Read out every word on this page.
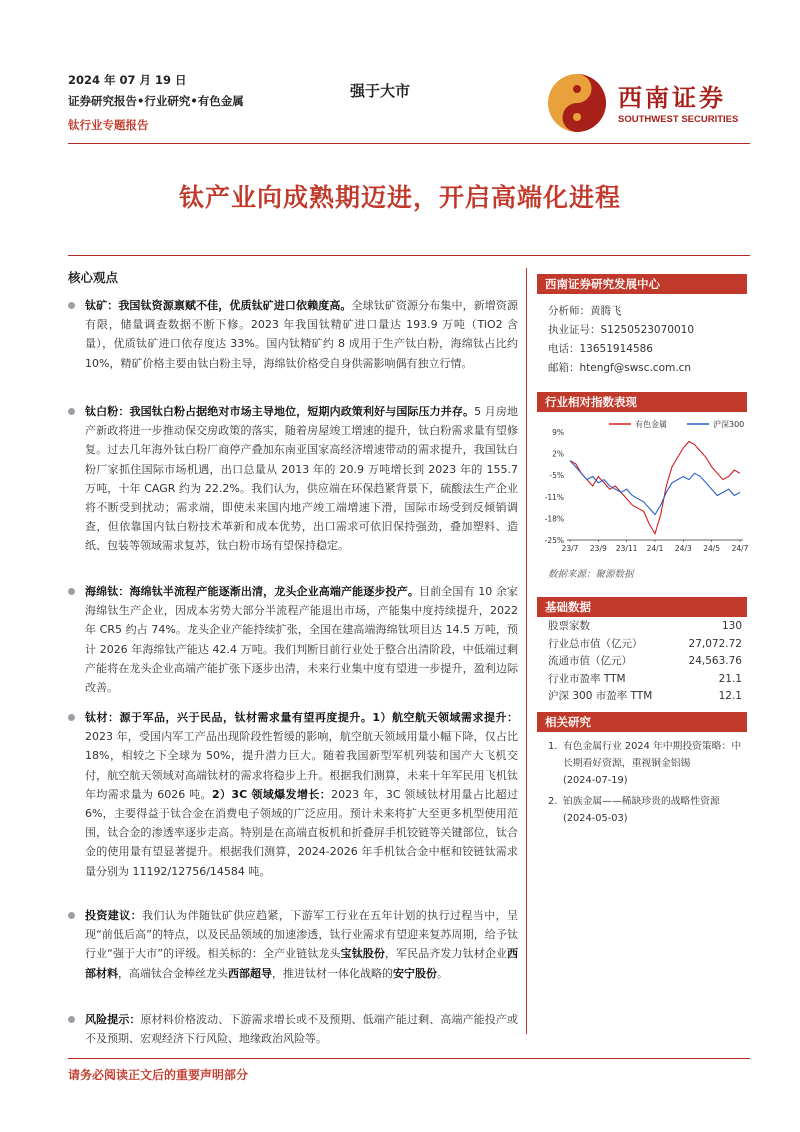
2024 年 07 月 19 日
证券研究报告•行业研究•有色金属
钛行业专题报告
强于大市	西南证券
SOUTHWEST SECURITIES
钛产业向成熟期迈进，开启高端化进程
核心观点
钛矿：我国钛资源禀赋不佳，优质钛矿进口依赖度高。全球钛矿资源分布集中，新增资源有限，储量调查数据不断下修。2023 年我国钛精矿进口量达 193.9 万吨（TiO2 含量），优质钛矿进口依存度达 33%。国内钛精矿约 8 成用于生产钛白粉，海绵钛占比约 10%，精矿价格主要由钛白粉主导，海绵钛价格受自身供需影响偶有独立行情。
钛白粉：我国钛白粉占据绝对市场主导地位，短期内政策利好与国际压力并存。5 月房地产新政将进一步推动保交房政策的落实，随着房屋竣工增速的提升，钛白粉需求量有望修复。过去几年海外钛白粉厂商停产叠加东南亚国家高经济增速带动的需求提升，我国钛白粉厂家抓住国际市场机遇，出口总量从 2013 年的 20.9 万吨增长到 2023 年的 155.7 万吨，十年 CAGR 约为 22.2%。我们认为，供应端在环保趋紧背景下，硫酸法生产企业将不断受到扰动；需求端，即使未来国内地产竣工端增速下滑，国际市场受到反倾销调查，但依靠国内钛白粉技术革新和成本优势，出口需求可依旧保持强劲，叠加塑料、造纸、包装等领域需求复苏，钛白粉市场有望保持稳定。
海绵钛：海绵钛半流程产能逐渐出清，龙头企业高端产能逐步投产。目前全国有 10 余家海绵钛生产企业，因成本劣势大部分半流程产能退出市场，产能集中度持续提升，2022 年 CR5 约占 74%。龙头企业产能持续扩张，全国在建高端海绵钛项目达 14.5 万吨，预计 2026 年海绵钛产能达 42.4 万吨。我们判断目前行业处于整合出清阶段，中低端过剩产能将在龙头企业高端产能扩张下逐步出清，未来行业集中度有望进一步提升，盈利边际改善。
钛材：源于军品，兴于民品，钛材需求量有望再度提升。1）航空航天领域需求提升：2023 年，受国内军工产品出现阶段性暂缓的影响，航空航天领域用量小幅下降，仅占比 18%，相较之下全球为 50%，提升潜力巨大。随着我国新型军机列装和国产大飞机交付，航空航天领域对高端钛材的需求将稳步上升。根据我们测算，未来十年军民用飞机钛年均需求量为 6026 吨。2）3C 领域爆发增长：2023 年，3C 领域钛材用量占比超过 6%，主要得益于钛合金在消费电子领域的广泛应用。预计未来将扩大至更多机型使用范围，钛合金的渗透率逐步走高。特别是在高端直板机和折叠屏手机铰链等关键部位，钛合金的使用量有望显著提升。根据我们测算，2024-2026 年手机钛合金中框和铰链钛需求量分别为 11192/12756/14584 吨。
投资建议：我们认为伴随钛矿供应趋紧，下游军工行业在五年计划的执行过程当中，呈现“前低后高”的特点，以及民品领域的加速渗透，钛行业需求有望迎来复苏周期，给予钛行业“强于大市”的评级。相关标的：全产业链钛龙头宝钛股份，军民品齐发力钛材企业西部材料，高端钛合金棒丝龙头西部超导，推进钛材一体化战略的安宁股份。
风险提示：原材料价格波动、下游需求增长或不及预期、低端产能过剩、高端产能投产或不及预期、宏观经济下行风险、地缘政治风险等。
西南证券研究发展中心
分析师：黄腾飞
执业证号：S1250523070010
电话：13651914586
邮箱：htengf@swsc.com.cn
行业相对指数表现
9%
2%
-5%
-11%
-18%
-25%
23/7 23/9 23/11 24/1 24/3 24/5 24/7
有色金属	沪深300
数据来源：聚源数据
基础数据
股票家数	130
行业总市值（亿元）	27,072.72
流通市值（亿元）	24,563.76
行业市盈率 TTM	21.1
沪深 300 市盈率 TTM	12.1
相关研究
1. 有色金属行业 2024 年中期投资策略：中长期看好资源，重视铜金铝锡
(2024-07-19)
2. 铂族金属——稀缺珍贵的战略性资源
(2024-05-03)
请务必阅读正文后的重要声明部分
